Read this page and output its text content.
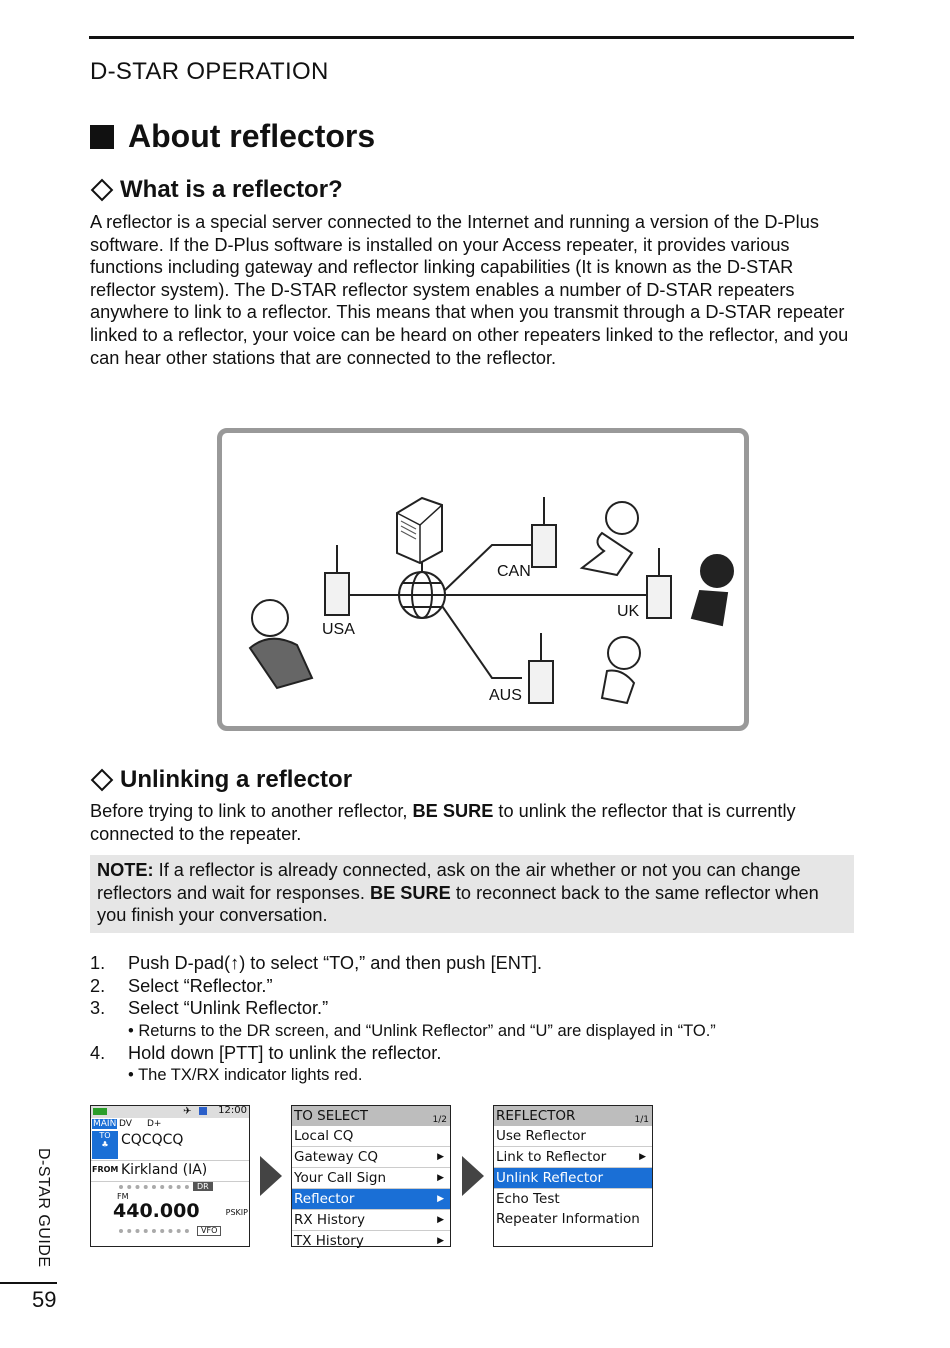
D-STAR OPERATION
About reflectors
What is a reflector?
A reflector is a special server connected to the Internet and running a version of the D-Plus software. If the D-Plus software is installed on your Access repeater, it provides various functions including gateway and reflector linking capabilities (It is known as the D-STAR reflector system). The D-STAR reflector system enables a number of D-STAR repeaters anywhere to link to a reflector. This means that when you transmit through a D-STAR repeater linked to a reflector, your voice can be heard on other repeaters linked to the reflector, and you can hear other stations that are connected to the reflector.
USA
CAN
UK
AUS
Unlinking a reflector
Before trying to link to another reflector, BE SURE to unlink the reflector that is currently connected to the repeater.
NOTE: If a reflector is already connected, ask on the air whether or not you can change reflectors and wait for responses. BE SURE to reconnect back to the same reflector when you finish your conversation.
1.	Push D-pad(↑) to select “TO,” and then push [ENT].
2.	Select “Reflector.”
3.	Select “Unlink Reflector.”
• Returns to the DR screen, and “Unlink Reflector” and “U” are displayed in “TO.”
4.	Hold down [PTT] to unlink the reflector.
• The TX/RX indicator lights red.
✈	12:00
MAIN DV D+
TO
♣ CQCQCQ
FROM Kirkland (IA)
DR
FM
440.000	PSKIP
VFO
TO SELECT	1/2
Local CQ
Gateway CQ	▶
Your Call Sign	▶
Reflector	▶
RX History	▶
TX History	▶
REFLECTOR	1/1
Use Reflector
Link to Reflector	▶
Unlink Reflector
Echo Test
Repeater Information
D-STAR GUIDE
59
